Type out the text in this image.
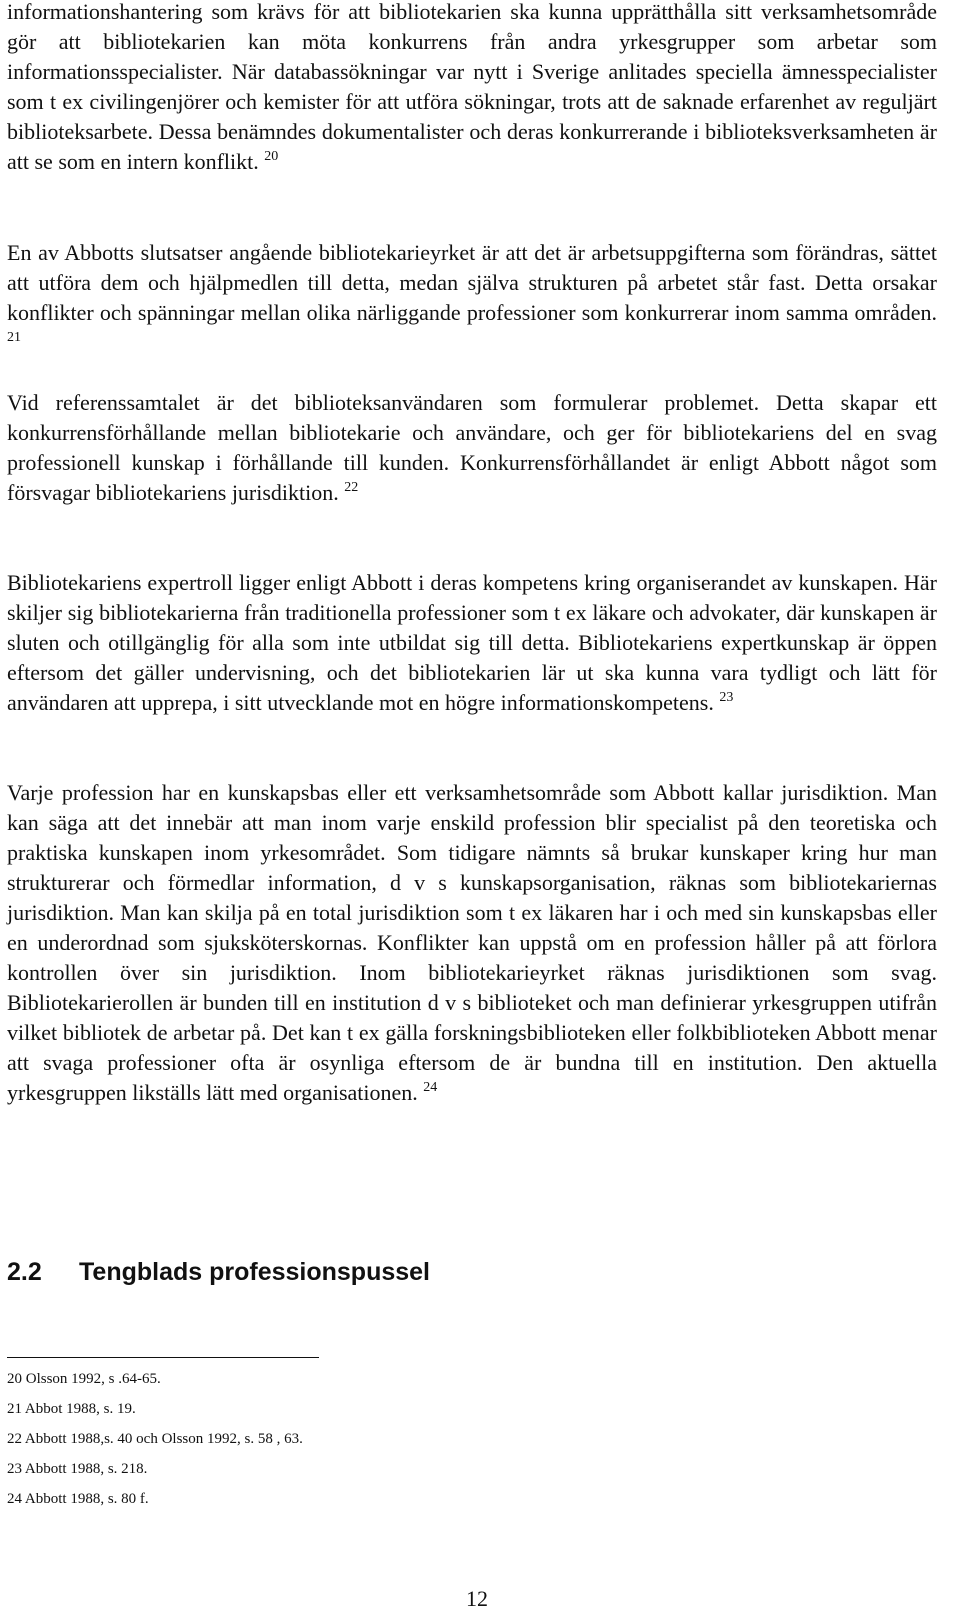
informationshantering som krävs för att bibliotekarien ska kunna upprätthålla sitt verksamhetsområde gör att bibliotekarien kan möta konkurrens från andra yrkesgrupper som arbetar som informationsspecialister. När databassökningar var nytt i Sverige anlitades speciella ämnesspecialister som t ex civilingenjörer och kemister för att utföra sökningar, trots att de saknade erfarenhet av reguljärt biblioteksarbete. Dessa benämndes dokumentalister och deras konkurrerande i biblioteksverksamheten är att se som en intern konflikt. $^{20}$

En av Abbotts slutsatser angående bibliotekarieyrket är att det är arbetsuppgifterna som förändras, sättet att utföra dem och hjälpmedlen till detta, medan själva strukturen på arbetet står fast. Detta orsakar konflikter och spänningar mellan olika närliggande professioner som konkurrerar inom samma områden. $^{21}$

Vid referenssamtalet är det biblioteksanvändaren som formulerar problemet. Detta skapar ett konkurrensförhållande mellan bibliotekarie och användare, och ger för bibliotekariens del en svag professionell kunskap i förhållande till kunden. Konkurrensförhållandet är enligt Abbott något som försvagar bibliotekariens jurisdiktion. $^{22}$

Bibliotekariens expertroll ligger enligt Abbott i deras kompetens kring organiserandet av kunskapen. Här skiljer sig bibliotekarierna från traditionella professioner som t ex läkare och advokater, där kunskapen är sluten och otillgänglig för alla som inte utbildat sig till detta. Bibliotekariens expertkunskap är öppen eftersom det gäller undervisning, och det bibliotekarien lär ut ska kunna vara tydligt och lätt för användaren att upprepa, i sitt utvecklande mot en högre informationskompetens. $^{23}$

Varje profession har en kunskapsbas eller ett verksamhetsområde som Abbott kallar jurisdiktion. Man kan säga att det innebär att man inom varje enskild profession blir specialist på den teoretiska och praktiska kunskapen inom yrkesområdet. Som tidigare nämnts så brukar kunskaper kring hur man strukturerar och förmedlar information, d v s kunskapsorganisation, räknas som bibliotekariernas jurisdiktion. Man kan skilja på en total jurisdiktion som t ex läkaren har i och med sin kunskapsbas eller en underordnad som sjuksköterskornas. Konflikter kan uppstå om en profession håller på att förlora kontrollen över sin jurisdiktion. Inom bibliotekarieyrket räknas jurisdiktionen som svag. Bibliotekarierollen är bunden till en institution d v s biblioteket och man definierar yrkesgruppen utifrån vilket bibliotek de arbetar på. Det kan t ex gälla forskningsbiblioteken eller folkbiblioteken Abbott menar att svaga professioner ofta är osynliga eftersom de är bundna till en institution. Den aktuella yrkesgruppen likställs lätt med organisationen. $^{24}$

2.2 Tengblads professionspussel
20 Olsson 1992, s .64-65.
21 Abbot 1988, s. 19.
22 Abbott 1988,s. 40 och Olsson 1992, s. 58 , 63.
23 Abbott 1988, s. 218.
24 Abbott 1988, s. 80 f.
12
